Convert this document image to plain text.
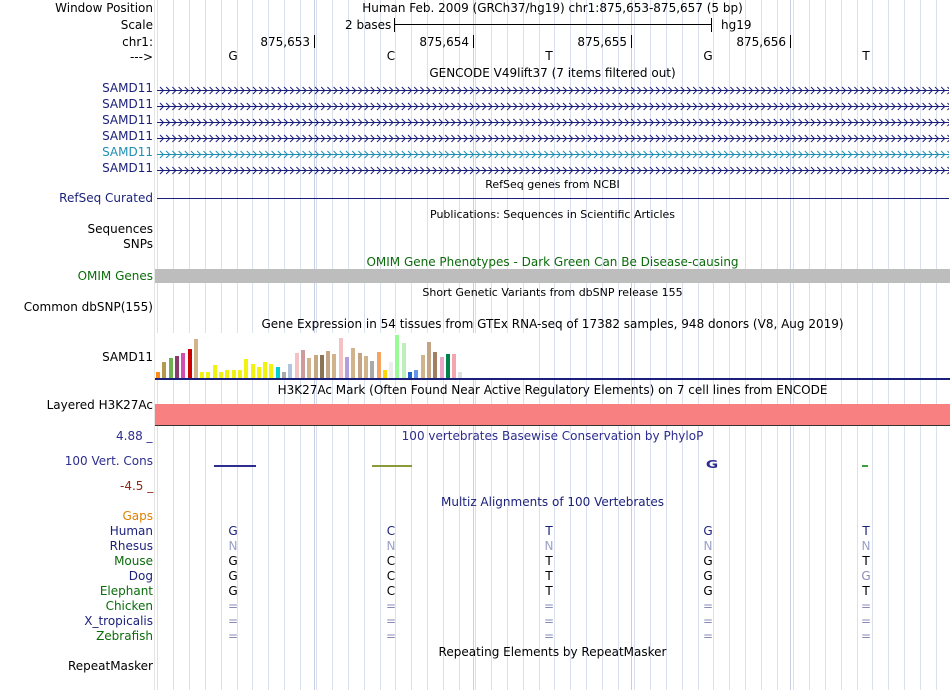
Window Position
Scale
chr1:
--->
Human Feb. 2009 (GRCh37/hg19) chr1:875,653-875,657 (5 bp)
2 bases	hg19
875,653	875,654	875,655	875,656
G	C	T	G	T
GENCODE V49lift37 (7 items filtered out)
SAMD11
SAMD11
SAMD11
SAMD11
SAMD11
SAMD11
RefSeq genes from NCBI
RefSeq Curated
Publications: Sequences in Scientific Articles
Sequences
SNPs
OMIM Gene Phenotypes - Dark Green Can Be Disease-causing
OMIM Genes
Short Genetic Variants from dbSNP release 155
Common dbSNP(155)
Gene Expression in 54 tissues from GTEx RNA-seq of 17382 samples, 948 donors (V8, Aug 2019)
SAMD11
H3K27Ac Mark (Often Found Near Active Regulatory Elements) on 7 cell lines from ENCODE
Layered H3K27Ac
4.88 _	100 vertebrates Basewise Conservation by PhyloP
100 Vert. Cons
-4.5 _
G
Multiz Alignments of 100 Vertebrates
Gaps
Human	G	C	T	G	T
Rhesus	N	N	N	N	N
Mouse	G	C	T	G	T
Dog	G	C	T	G	G
Elephant	G	C	T	G	T
Chicken	=	=	=	=	=
X_tropicalis	=	=	=	=	=
Zebrafish	=	=	=	=	=
Repeating Elements by RepeatMasker
RepeatMasker
